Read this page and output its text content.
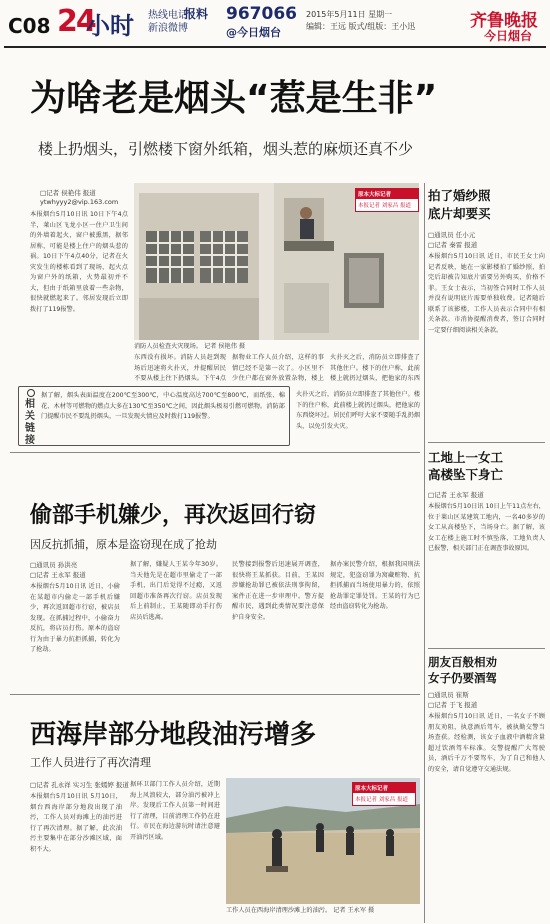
C08 24
小时 热线电话
新浪微博
报料 967066
@今日烟台
2015年5月11日 星期一
编辑：王远 版式/组版：王小迅	齐鲁晚报
今日烟台
为啥老是烟头“惹是生非”
楼上扔烟头，引燃楼下窗外纸箱，烟头惹的麻烦还真不少
□记者 侯艳伟 报道
ytwhyyy2@vip.163.com
本报烟台5月10日讯 10日下午4点半，莱山区飞龙小区一住户卫生间的外墙着起火，窗户被熏黑，据邻居称，可能是楼上住户的烟头惹的祸。10日下午4点40分，记者在火灾发生的楼栋看到了现场，起火点为窗户外的纸箱，火势最初并不大，但由于纸箱里放着一些杂物，很快就燃起来了。邻居发现后立即拨打了119报警。
原本大标记者
本报记者 刘家昌 报道
消防人员检查火灾现场。 记者 侯艳伟 摄
东西没有损坏。消防人员赶到现场后迅速将火扑灭，并提醒居民不要从楼上往下扔烟头。下午4点
据物业工作人员介绍，这样的事情已经不是第一次了。小区里不少住户都在窗外放置杂物，楼上
火扑灭之后，消防员立即排查了其他住户。楼下的住户称，此前楼上就扔过烟头，把他家的东西
相关链接
据了解，烟头表面温度在200℃至300℃，中心温度高达700℃至800℃，而纸张、棉花、木材等可燃物的燃点大多在130℃至350℃之间，因此烟头极易引燃可燃物。消防部门提醒市民不要乱扔烟头，一旦发现火情应及时拨打119报警。
火扑灭之后，消防员立即排查了其他住户。楼下的住户称，此前楼上就扔过烟头，把他家的东西烧坏过。居民们呼吁大家不要随手乱扔烟头，以免引发火灾。
拍了婚纱照
底片却要买
□通讯员 任小元
□记者 秦雷 报道
本报烟台5月10日讯 近日，市民王女士向记者反映，她在一家影楼拍了婚纱照，拍完后却被告知底片需要另外购买，价格不菲。王女士表示，当初签合同时工作人员并没有说明底片需要单独收费。记者随后联系了该影楼，工作人员表示合同中有相关条款。市消协提醒消费者，签订合同时一定要仔细阅读相关条款。
工地上一女工
高楼坠下身亡
□记者 王永军 报道
本报烟台5月10日讯 10日上午11点左右，位于莱山区某建筑工地内，一名40多岁的女工从高楼坠下，当场身亡。据了解，该女工在楼上施工时不慎坠落，工地负责人已报警，相关部门正在调查事故原因。
朋友百般相劝
女子仍要酒驾
□通讯员 崔斯
□记者 于飞 报道
本报烟台5月10日讯 近日，一名女子不顾朋友劝阻，执意酒后驾车，被执勤交警当场查获。经检测，该女子血液中酒精含量超过饮酒驾车标准。交警提醒广大驾驶员，酒后千万不要驾车，为了自己和他人的安全，请自觉遵守交通法规。
偷部手机嫌少，再次返回行窃
因反抗抓捕，原本是盗窃现在成了抢劫
□通讯员 孙洪亮
□记者 王永军 报道
本报烟台5月10日讯 近日，小偷在某超市内偷走一部手机后嫌少，再次返回超市行窃，被店员发现。在抓捕过程中，小偷奋力反抗，将店员打伤。原本的盗窃行为由于暴力抗拒抓捕，转化为了抢劫。
据了解，嫌疑人王某今年30岁。当天他先是在超市里偷走了一部手机，出门后觉得不过瘾，又返回超市准备再次行窃。店员发现后上前制止，王某随即动手打伤店员后逃离。
民警接到报警后迅速展开调查，很快将王某抓获。目前，王某因涉嫌抢劫罪已被依法刑事拘留，案件正在进一步审理中。警方提醒市民，遇到此类情况要注意保护自身安全。
据办案民警介绍，根据我国刑法规定，犯盗窃罪为窝藏赃物、抗拒抓捕而当场使用暴力的，依照抢劫罪定罪处罚。王某的行为已经由盗窃转化为抢劫。
西海岸部分地段油污增多
工作人员进行了再次清理
□记者 孔永祥 实习生 张嫣婷 报道
本报烟台5月10日讯 5月10日，烟台西海岸部分地段出现了油污，工作人员对海滩上的油污进行了再次清理。据了解，此次油污主要集中在部分沙滩区域，面积不大。
据环卫部门工作人员介绍，近期海上风浪较大，部分油污被冲上岸。发现后工作人员第一时间进行了清理，目前清理工作仍在进行。市民在海边游玩时请注意避开油污区域。
原本大标记者
本报记者 刘家昌 报道
工作人员在西海岸清理沙滩上的油污。 记者 王永军 摄
